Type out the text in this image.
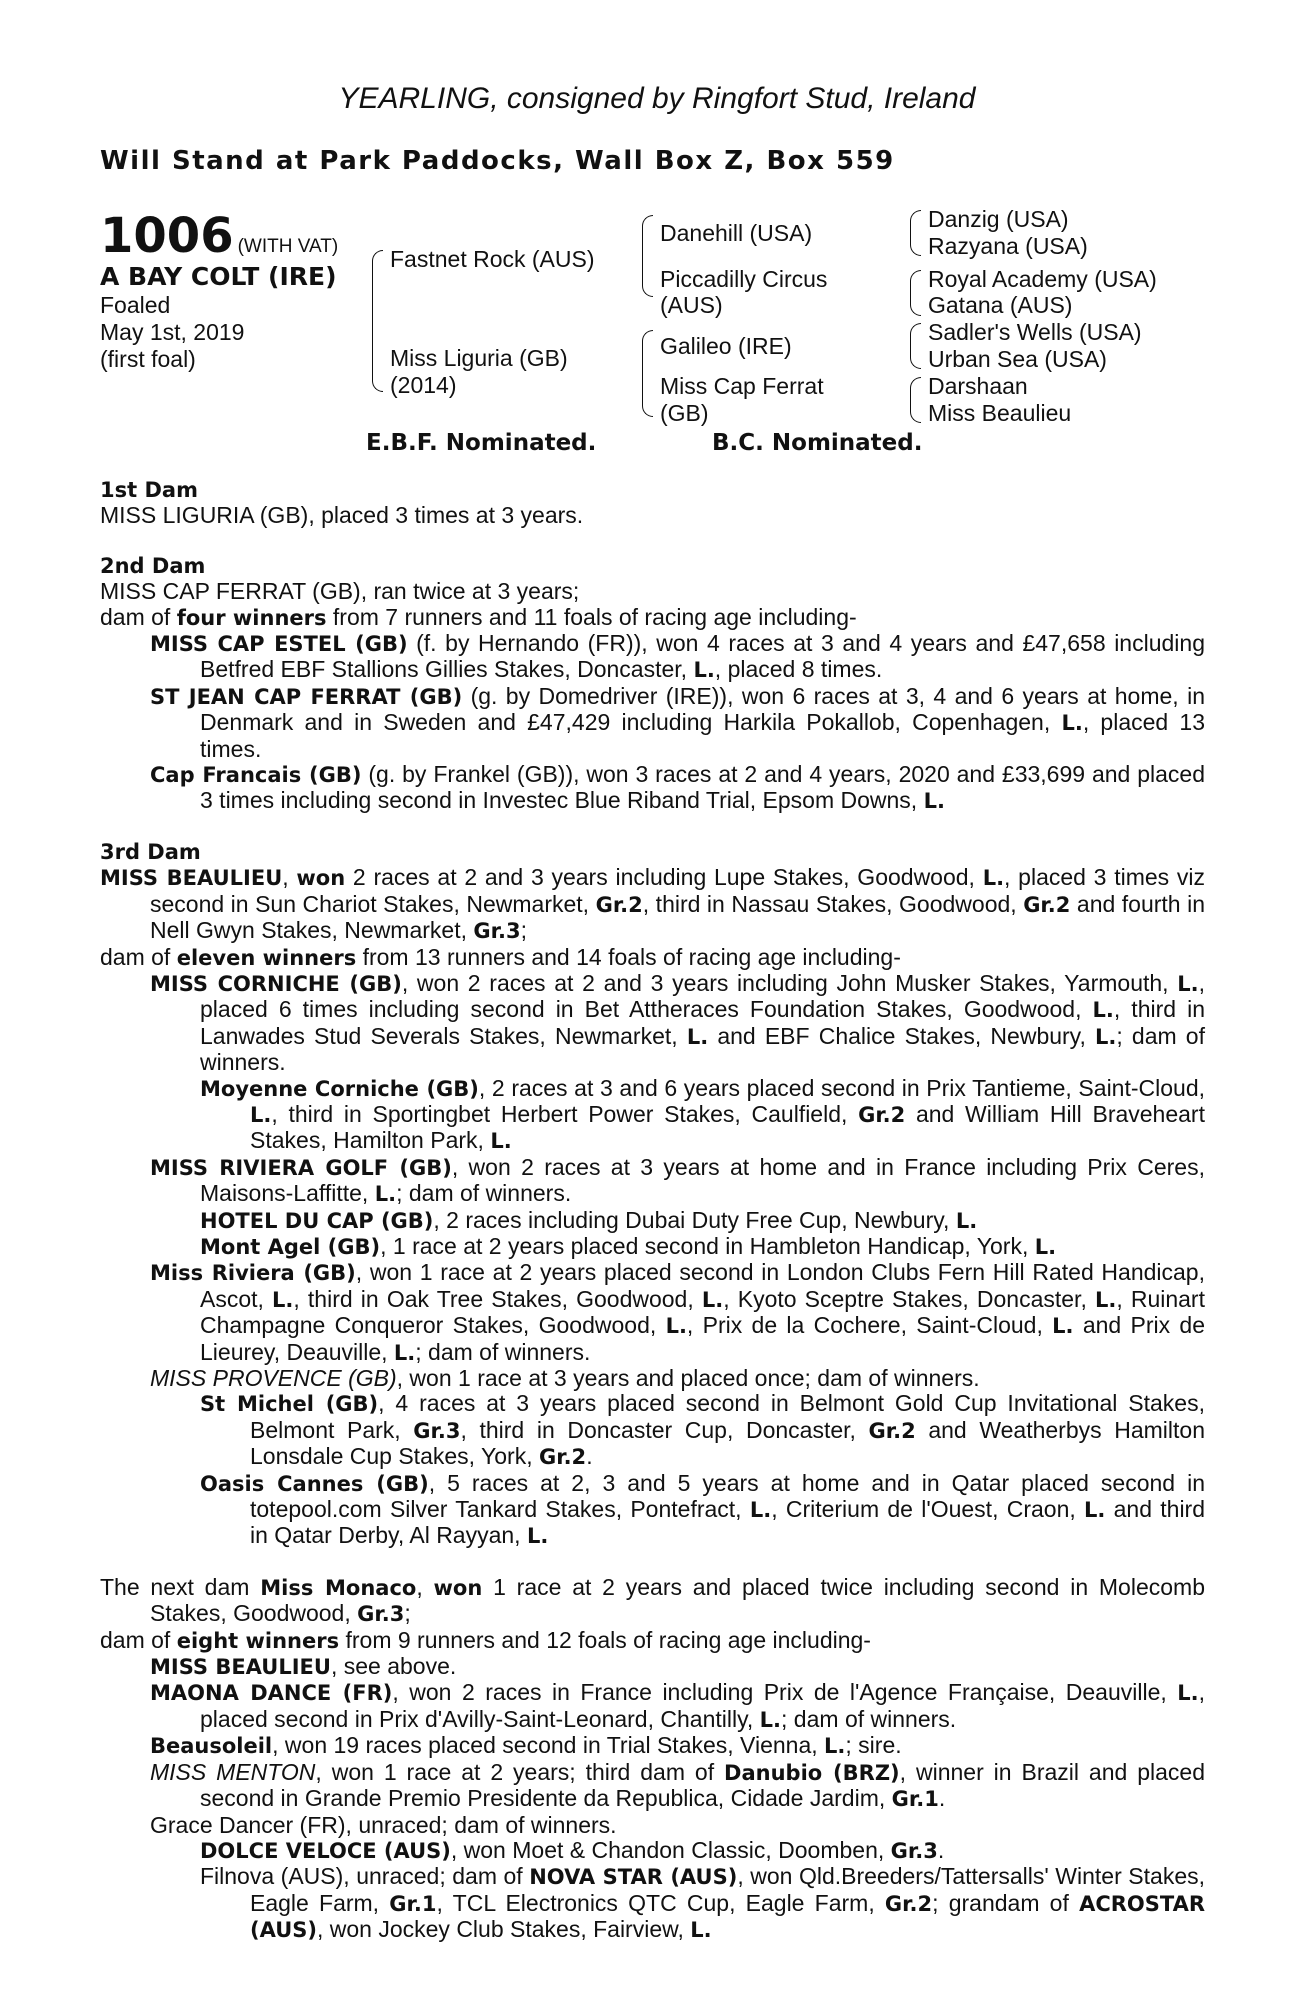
YEARLING, consigned by Ringfort Stud, Ireland
Will Stand at Park Paddocks, Wall Box Z, Box 559
1006 (WITH VAT)
A BAY COLT (IRE)
Foaled
May 1st, 2019
(first foal)
Fastnet Rock (AUS)
Miss Liguria (GB)
(2014)
Danehill (USA)
Piccadilly Circus
(AUS)
Galileo (IRE)
Miss Cap Ferrat
(GB)
Danzig (USA)
Razyana (USA)
Royal Academy (USA)
Gatana (AUS)
Sadler's Wells (USA)
Urban Sea (USA)
Darshaan
Miss Beaulieu
E.B.F. Nominated.	B.C. Nominated.
1st Dam

MISS LIGURIA (GB), placed 3 times at 3 years.

2nd Dam

MISS CAP FERRAT (GB), ran twice at 3 years;

dam of four winners from 7 runners and 11 foals of racing age including-

MISS CAP ESTEL (GB) (f. by Hernando (FR)), won 4 races at 3 and 4 years and £47,658 including Betfred EBF Stallions Gillies Stakes, Doncaster, L., placed 8 times.

ST JEAN CAP FERRAT (GB) (g. by Domedriver (IRE)), won 6 races at 3, 4 and 6 years at home, in Denmark and in Sweden and £47,429 including Harkila Pokallob, Copenhagen, L., placed 13 times.

Cap Francais (GB) (g. by Frankel (GB)), won 3 races at 2 and 4 years, 2020 and £33,699 and placed 3 times including second in Investec Blue Riband Trial, Epsom Downs, L.

3rd Dam

MISS BEAULIEU, won 2 races at 2 and 3 years including Lupe Stakes, Goodwood, L., placed 3 times viz second in Sun Chariot Stakes, Newmarket, Gr.2, third in Nassau Stakes, Goodwood, Gr.2 and fourth in Nell Gwyn Stakes, Newmarket, Gr.3;

dam of eleven winners from 13 runners and 14 foals of racing age including-

MISS CORNICHE (GB), won 2 races at 2 and 3 years including John Musker Stakes, Yarmouth, L., placed 6 times including second in Bet Attheraces Foundation Stakes, Goodwood, L., third in Lanwades Stud Severals Stakes, Newmarket, L. and EBF Chalice Stakes, Newbury, L.; dam of winners.

Moyenne Corniche (GB), 2 races at 3 and 6 years placed second in Prix Tantieme, Saint-Cloud, L., third in Sportingbet Herbert Power Stakes, Caulfield, Gr.2 and William Hill Braveheart Stakes, Hamilton Park, L.

MISS RIVIERA GOLF (GB), won 2 races at 3 years at home and in France including Prix Ceres, Maisons-Laffitte, L.; dam of winners.

HOTEL DU CAP (GB), 2 races including Dubai Duty Free Cup, Newbury, L.

Mont Agel (GB), 1 race at 2 years placed second in Hambleton Handicap, York, L.

Miss Riviera (GB), won 1 race at 2 years placed second in London Clubs Fern Hill Rated Handicap, Ascot, L., third in Oak Tree Stakes, Goodwood, L., Kyoto Sceptre Stakes, Doncaster, L., Ruinart Champagne Conqueror Stakes, Goodwood, L., Prix de la Cochere, Saint-Cloud, L. and Prix de Lieurey, Deauville, L.; dam of winners.

MISS PROVENCE (GB), won 1 race at 3 years and placed once; dam of winners.

St Michel (GB), 4 races at 3 years placed second in Belmont Gold Cup Invitational Stakes, Belmont Park, Gr.3, third in Doncaster Cup, Doncaster, Gr.2 and Weatherbys Hamilton Lonsdale Cup Stakes, York, Gr.2.

Oasis Cannes (GB), 5 races at 2, 3 and 5 years at home and in Qatar placed second in totepool.com Silver Tankard Stakes, Pontefract, L., Criterium de l'Ouest, Craon, L. and third in Qatar Derby, Al Rayyan, L.

The next dam Miss Monaco, won 1 race at 2 years and placed twice including second in Molecomb Stakes, Goodwood, Gr.3;

dam of eight winners from 9 runners and 12 foals of racing age including-

MISS BEAULIEU, see above.

MAONA DANCE (FR), won 2 races in France including Prix de l'Agence Française, Deauville, L., placed second in Prix d'Avilly-Saint-Leonard, Chantilly, L.; dam of winners.

Beausoleil, won 19 races placed second in Trial Stakes, Vienna, L.; sire.

MISS MENTON, won 1 race at 2 years; third dam of Danubio (BRZ), winner in Brazil and placed second in Grande Premio Presidente da Republica, Cidade Jardim, Gr.1.

Grace Dancer (FR), unraced; dam of winners.

DOLCE VELOCE (AUS), won Moet & Chandon Classic, Doomben, Gr.3.

Filnova (AUS), unraced; dam of NOVA STAR (AUS), won Qld.Breeders/Tattersalls' Winter Stakes, Eagle Farm, Gr.1, TCL Electronics QTC Cup, Eagle Farm, Gr.2; grandam of ACROSTAR (AUS), won Jockey Club Stakes, Fairview, L.
